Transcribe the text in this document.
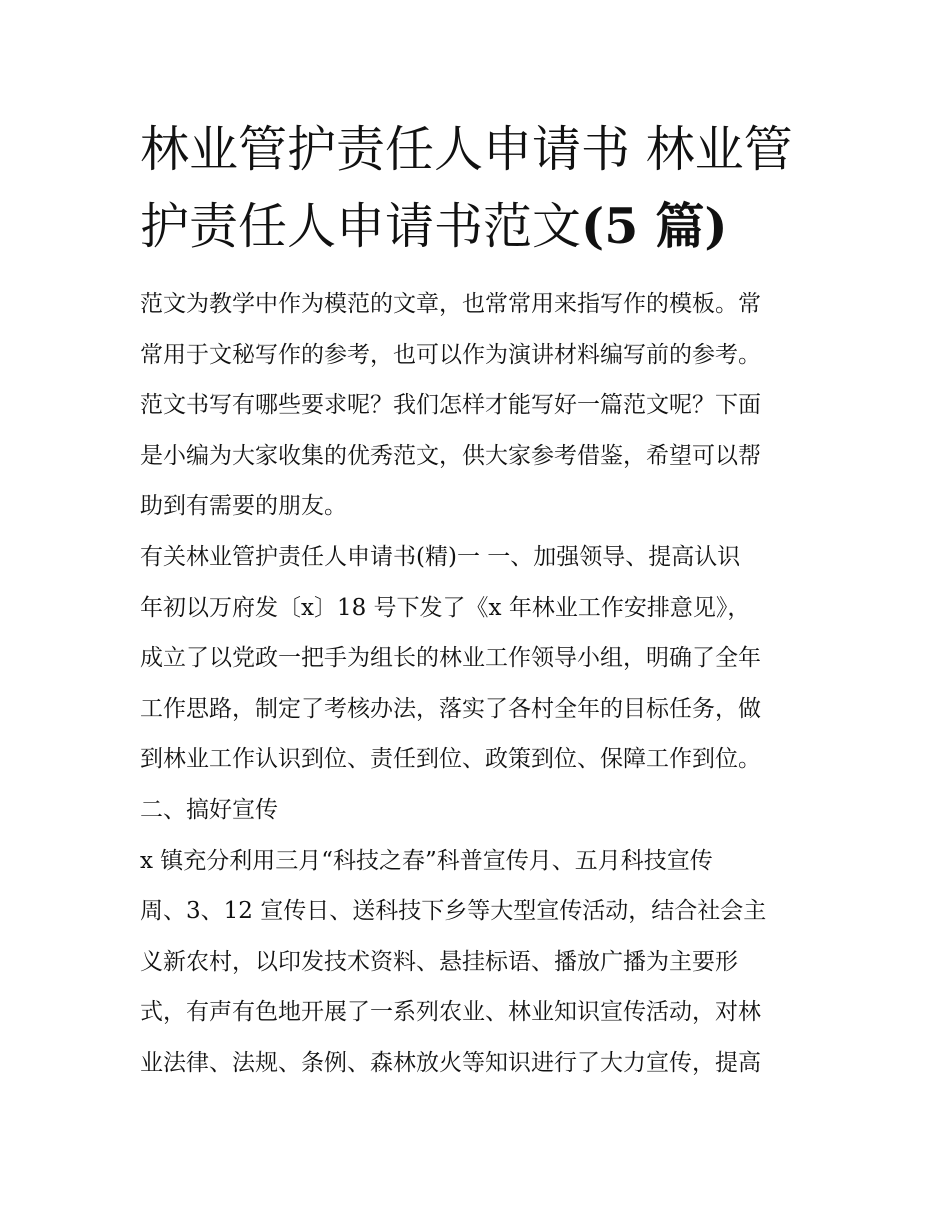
林业管护责任人申请书 林业管
护责任人申请书范文(5 篇)
范文为教学中作为模范的文章，也常常用来指写作的模板。常
常用于文秘写作的参考，也可以作为演讲材料编写前的参考。
范文书写有哪些要求呢？我们怎样才能写好一篇范文呢？下面
是小编为大家收集的优秀范文，供大家参考借鉴，希望可以帮
助到有需要的朋友。
有关林业管护责任人申请书(精)一 一、加强领导、提高认识
年初以万府发〔x〕18 号下发了《x 年林业工作安排意见》，
成立了以党政一把手为组长的林业工作领导小组，明确了全年
工作思路，制定了考核办法，落实了各村全年的目标任务，做
到林业工作认识到位、责任到位、政策到位、保障工作到位。
二、搞好宣传
x 镇充分利用三月“科技之春”科普宣传月、五月科技宣传
周、3、12 宣传日、送科技下乡等大型宣传活动，结合社会主
义新农村，以印发技术资料、悬挂标语、播放广播为主要形
式，有声有色地开展了一系列农业、林业知识宣传活动，对林
业法律、法规、条例、森林放火等知识进行了大力宣传，提高
